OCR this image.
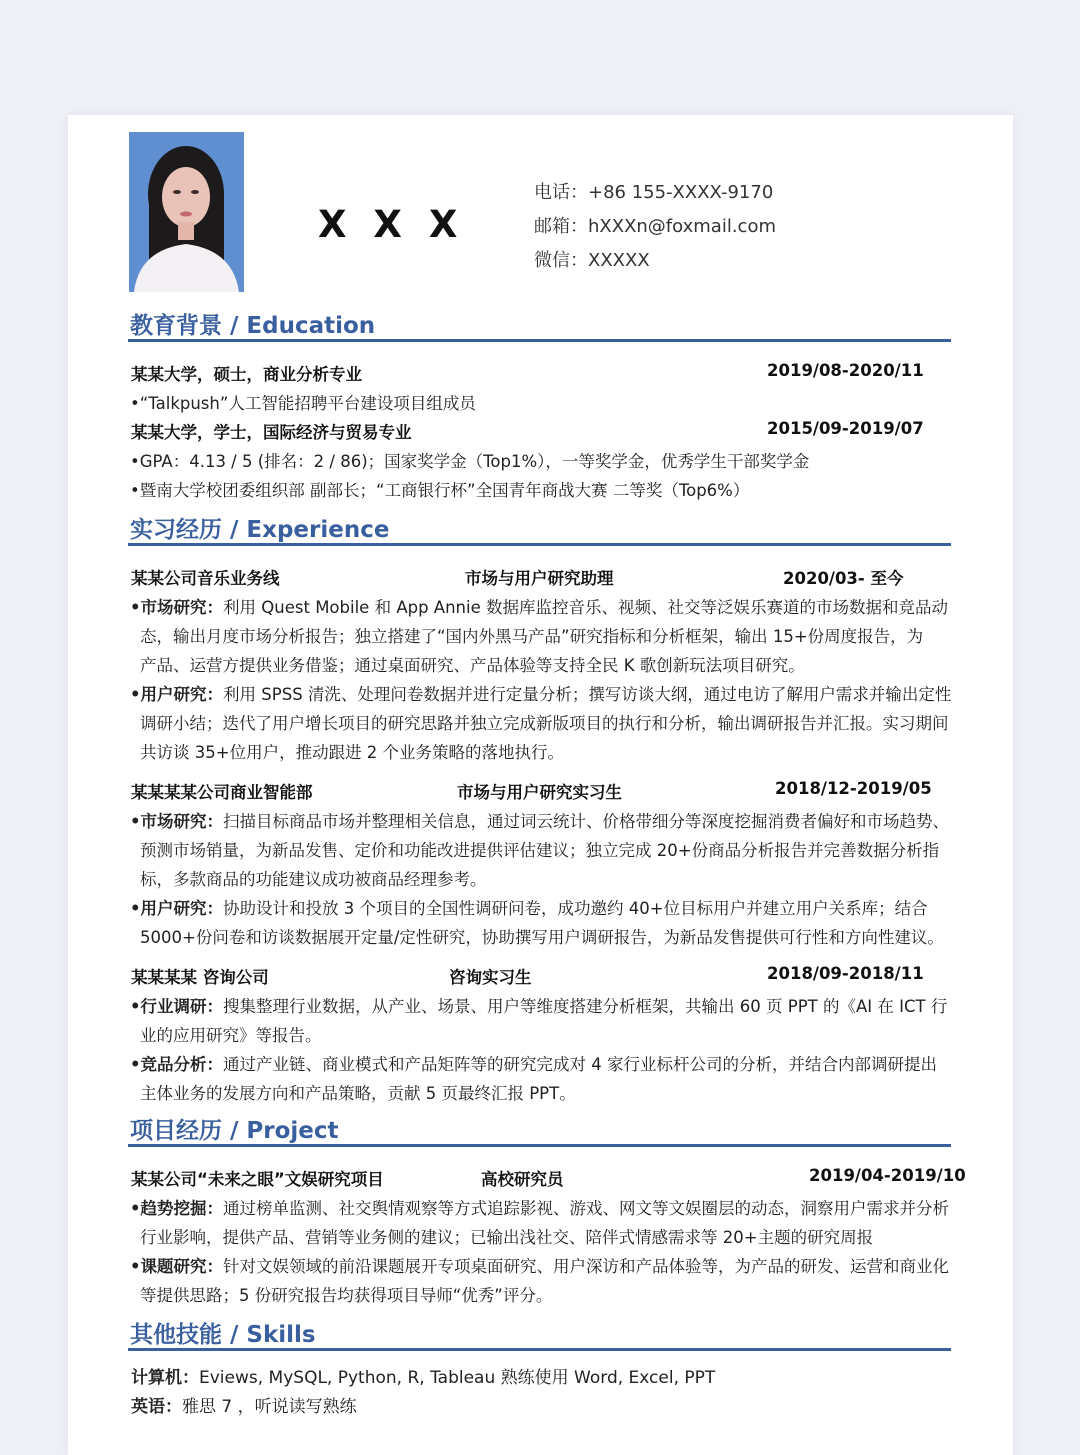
X X X
电话：+86 155-XXXX-9170
邮箱：hXXXn@foxmail.com
微信：XXXXX
教育背景 / Education
某某大学，硕士，商业分析专业	2019/08-2020/11
•“Talkpush”人工智能招聘平台建设项目组成员
某某大学，学士，国际经济与贸易专业	2015/09-2019/07
•GPA：4.13 / 5 (排名：2 / 86)；国家奖学金（Top1%），一等奖学金，优秀学生干部奖学金
•暨南大学校团委组织部 副部长；“工商银行杯”全国青年商战大赛 二等奖（Top6%）
实习经历 / Experience
某某公司音乐业务线	市场与用户研究助理	2020/03- 至今
•市场研究：利用 Quest Mobile 和 App Annie 数据库监控音乐、视频、社交等泛娱乐赛道的市场数据和竞品动
态，输出月度市场分析报告；独立搭建了“国内外黑马产品”研究指标和分析框架，输出 15+份周度报告，为
产品、运营方提供业务借鉴；通过桌面研究、产品体验等支持全民 K 歌创新玩法项目研究。
•用户研究：利用 SPSS 清洗、处理问卷数据并进行定量分析；撰写访谈大纲，通过电访了解用户需求并输出定性
调研小结；迭代了用户增长项目的研究思路并独立完成新版项目的执行和分析，输出调研报告并汇报。实习期间
共访谈 35+位用户，推动跟进 2 个业务策略的落地执行。
某某某某公司商业智能部	市场与用户研究实习生	2018/12-2019/05
•市场研究：扫描目标商品市场并整理相关信息，通过词云统计、价格带细分等深度挖掘消费者偏好和市场趋势、
预测市场销量，为新品发售、定价和功能改进提供评估建议；独立完成 20+份商品分析报告并完善数据分析指
标，多款商品的功能建议成功被商品经理参考。
•用户研究：协助设计和投放 3 个项目的全国性调研问卷，成功邀约 40+位目标用户并建立用户关系库；结合
5000+份问卷和访谈数据展开定量/定性研究，协助撰写用户调研报告，为新品发售提供可行性和方向性建议。
某某某某 咨询公司	咨询实习生	2018/09-2018/11
•行业调研：搜集整理行业数据，从产业、场景、用户等维度搭建分析框架，共输出 60 页 PPT 的《AI 在 ICT 行
业的应用研究》等报告。
•竞品分析：通过产业链、商业模式和产品矩阵等的研究完成对 4 家行业标杆公司的分析，并结合内部调研提出
主体业务的发展方向和产品策略，贡献 5 页最终汇报 PPT。
项目经历 / Project
某某公司“未来之眼”文娱研究项目	高校研究员	2019/04-2019/10
•趋势挖掘：通过榜单监测、社交舆情观察等方式追踪影视、游戏、网文等文娱圈层的动态，洞察用户需求并分析
行业影响，提供产品、营销等业务侧的建议；已输出浅社交、陪伴式情感需求等 20+主题的研究周报
•课题研究：针对文娱领域的前沿课题展开专项桌面研究、用户深访和产品体验等，为产品的研发、运营和商业化
等提供思路；5 份研究报告均获得项目导师“优秀”评分。
其他技能 / Skills
计算机：Eviews, MySQL, Python, R, Tableau 熟练使用 Word, Excel, PPT
英语：雅思 7 ，听说读写熟练
